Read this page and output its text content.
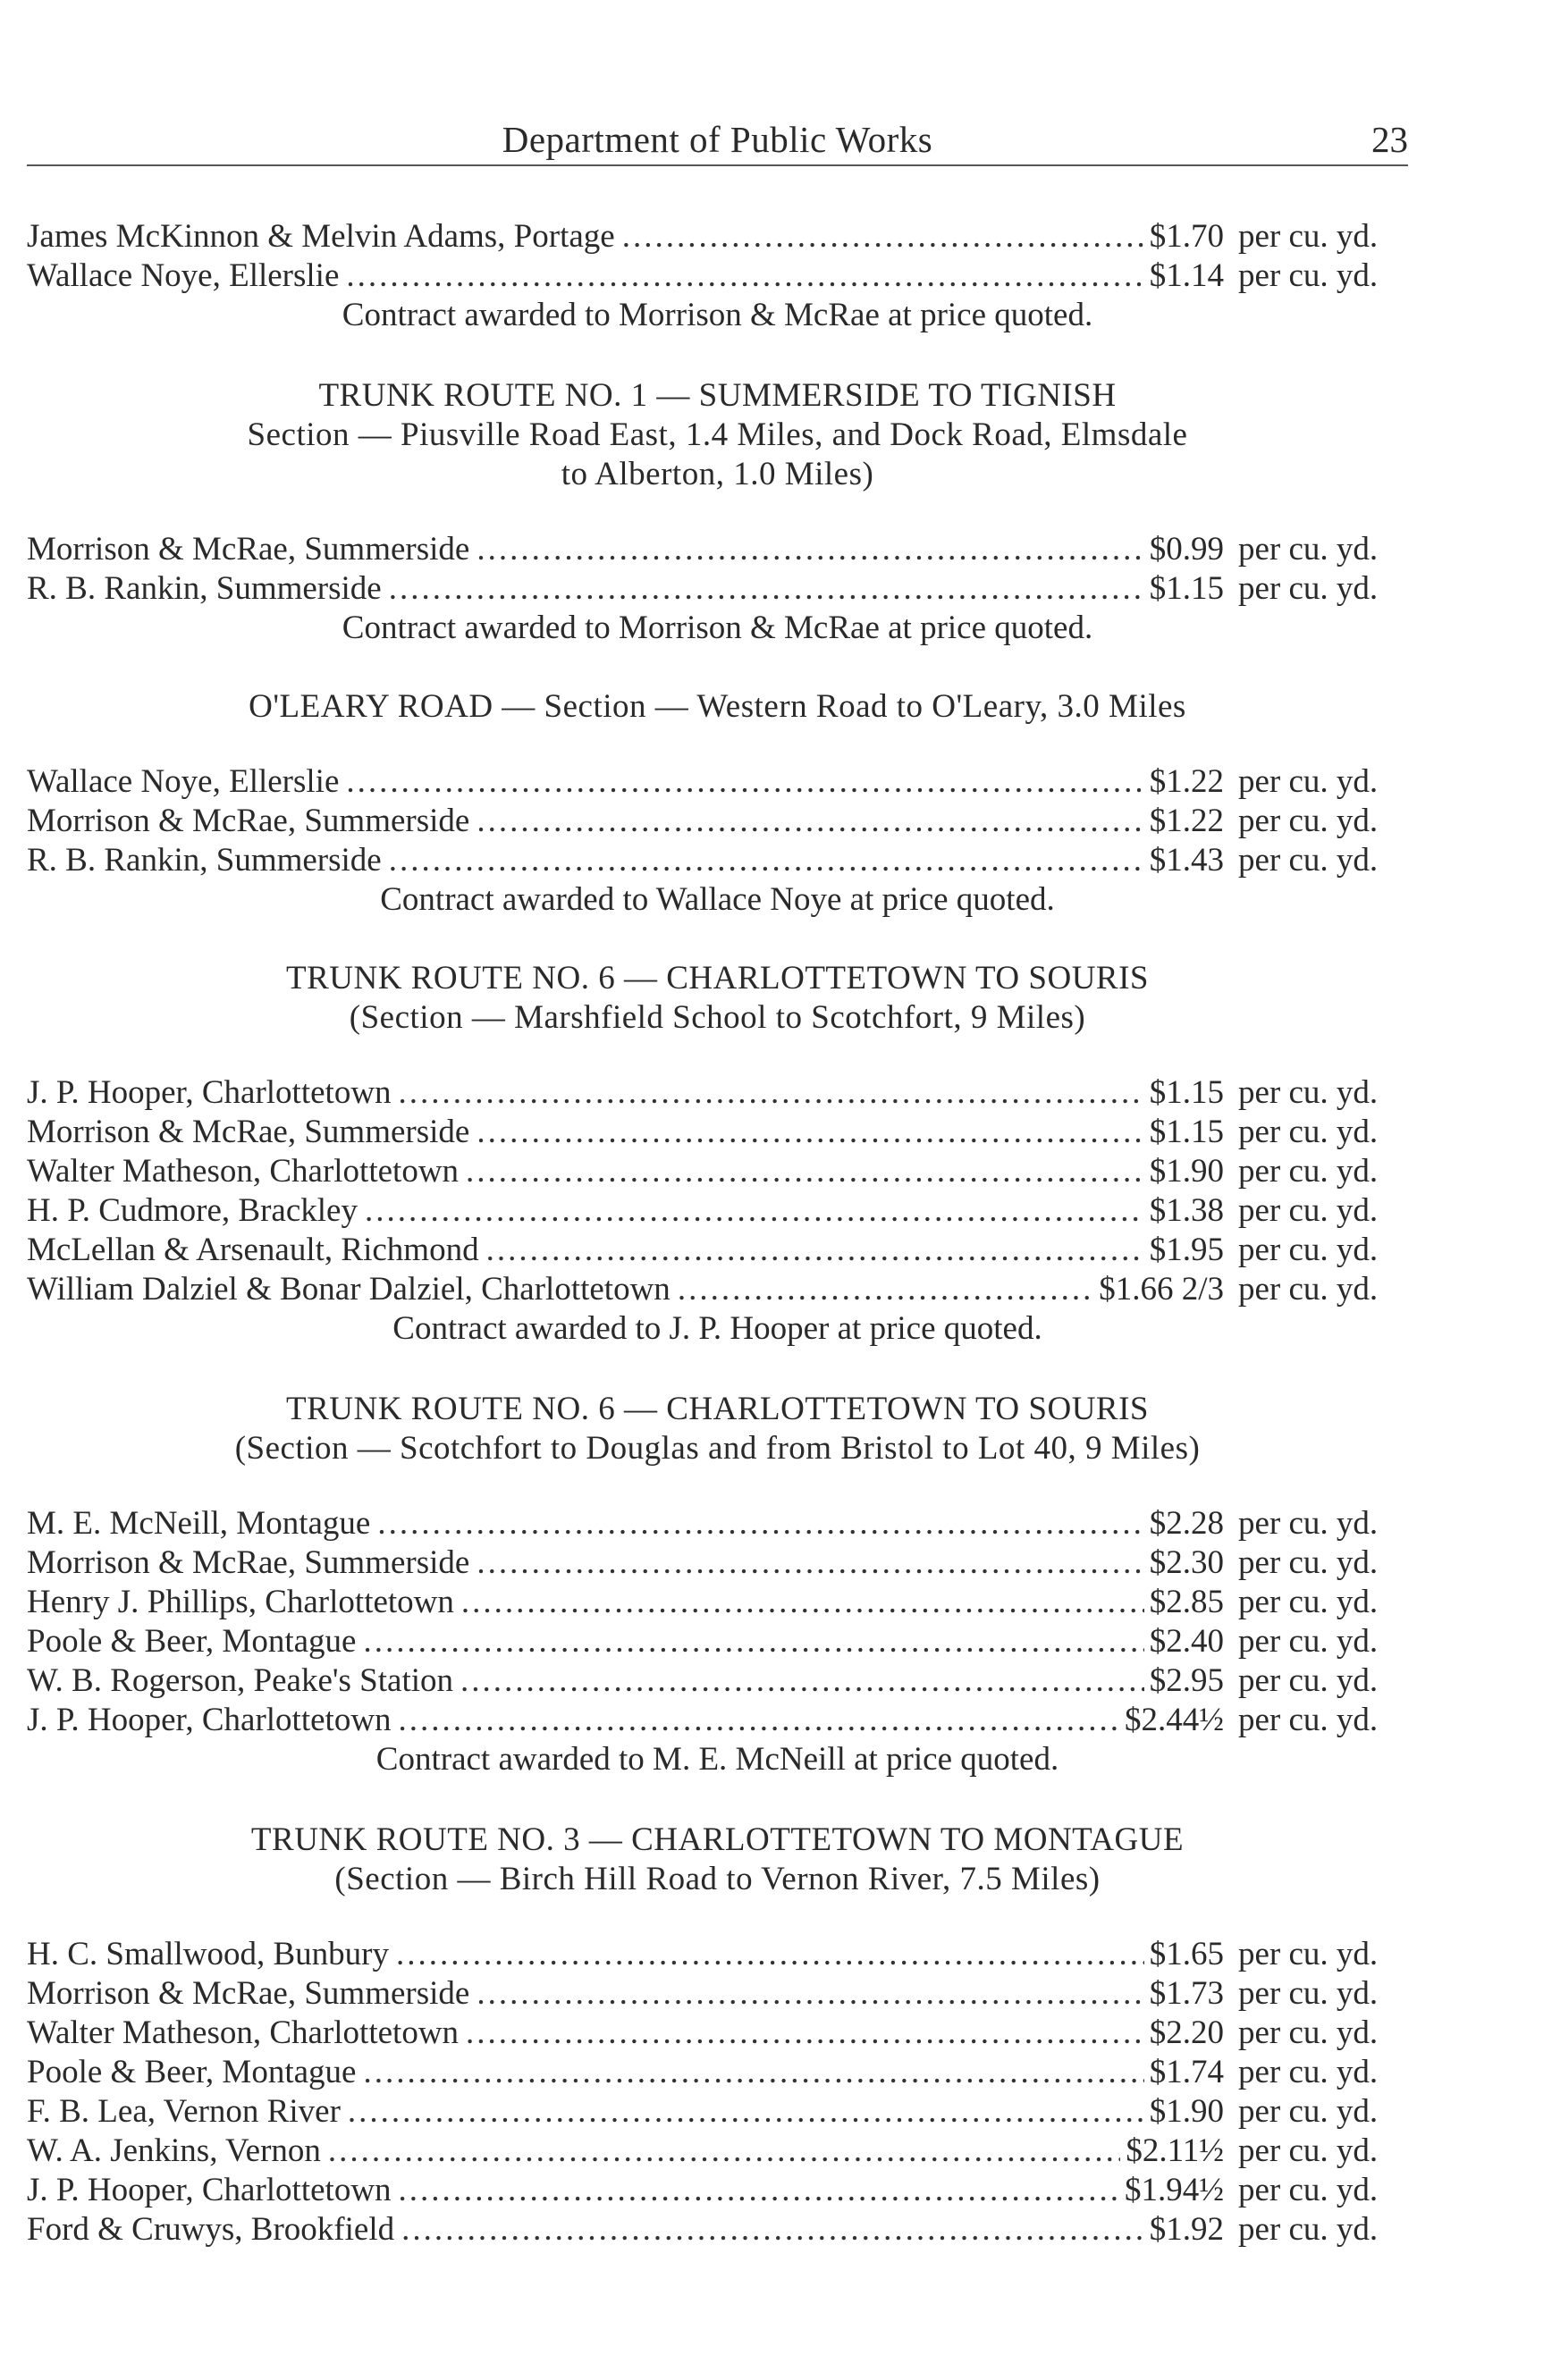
Department of Public Works	23
James McKinnon & Melvin Adams, Portage .....	$1.70 per cu. yd.
Wallace Noye, Ellerslie .....	$1.14 per cu. yd.
Contract awarded to Morrison & McRae at price quoted.
TRUNK ROUTE NO. 1 — SUMMERSIDE TO TIGNISH
Section — Piusville Road East, 1.4 Miles, and Dock Road, Elmsdale
to Alberton, 1.0 Miles)
Morrison & McRae, Summerside .....	$0.99 per cu. yd.
R. B. Rankin, Summerside .....	$1.15 per cu. yd.
Contract awarded to Morrison & McRae at price quoted.
O'LEARY ROAD — Section — Western Road to O'Leary, 3.0 Miles
Wallace Noye, Ellerslie .....	$1.22 per cu. yd.
Morrison & McRae, Summerside .....	$1.22 per cu. yd.
R. B. Rankin, Summerside .....	$1.43 per cu. yd.
Contract awarded to Wallace Noye at price quoted.
TRUNK ROUTE NO. 6 — CHARLOTTETOWN TO SOURIS
(Section — Marshfield School to Scotchfort, 9 Miles)
J. P. Hooper, Charlottetown .....	$1.15 per cu. yd.
Morrison & McRae, Summerside .....	$1.15 per cu. yd.
Walter Matheson, Charlottetown .....	$1.90 per cu. yd.
H. P. Cudmore, Brackley .....	$1.38 per cu. yd.
McLellan & Arsenault, Richmond .....	$1.95 per cu. yd.
William Dalziel & Bonar Dalziel, Charlottetown .....	$1.66 2/3 per cu. yd.
Contract awarded to J. P. Hooper at price quoted.
TRUNK ROUTE NO. 6 — CHARLOTTETOWN TO SOURIS
(Section — Scotchfort to Douglas and from Bristol to Lot 40, 9 Miles)
M. E. McNeill, Montague .....	$2.28 per cu. yd.
Morrison & McRae, Summerside .....	$2.30 per cu. yd.
Henry J. Phillips, Charlottetown .....	$2.85 per cu. yd.
Poole & Beer, Montague .....	$2.40 per cu. yd.
W. B. Rogerson, Peake's Station .....	$2.95 per cu. yd.
J. P. Hooper, Charlottetown .....	$2.44½ per cu. yd.
Contract awarded to M. E. McNeill at price quoted.
TRUNK ROUTE NO. 3 — CHARLOTTETOWN TO MONTAGUE
(Section — Birch Hill Road to Vernon River, 7.5 Miles)
H. C. Smallwood, Bunbury .....	$1.65 per cu. yd.
Morrison & McRae, Summerside .....	$1.73 per cu. yd.
Walter Matheson, Charlottetown .....	$2.20 per cu. yd.
Poole & Beer, Montague .....	$1.74 per cu. yd.
F. B. Lea, Vernon River .....	$1.90 per cu. yd.
W. A. Jenkins, Vernon .....	$2.11½ per cu. yd.
J. P. Hooper, Charlottetown .....	$1.94½ per cu. yd.
Ford & Cruwys, Brookfield .....	$1.92 per cu. yd.
